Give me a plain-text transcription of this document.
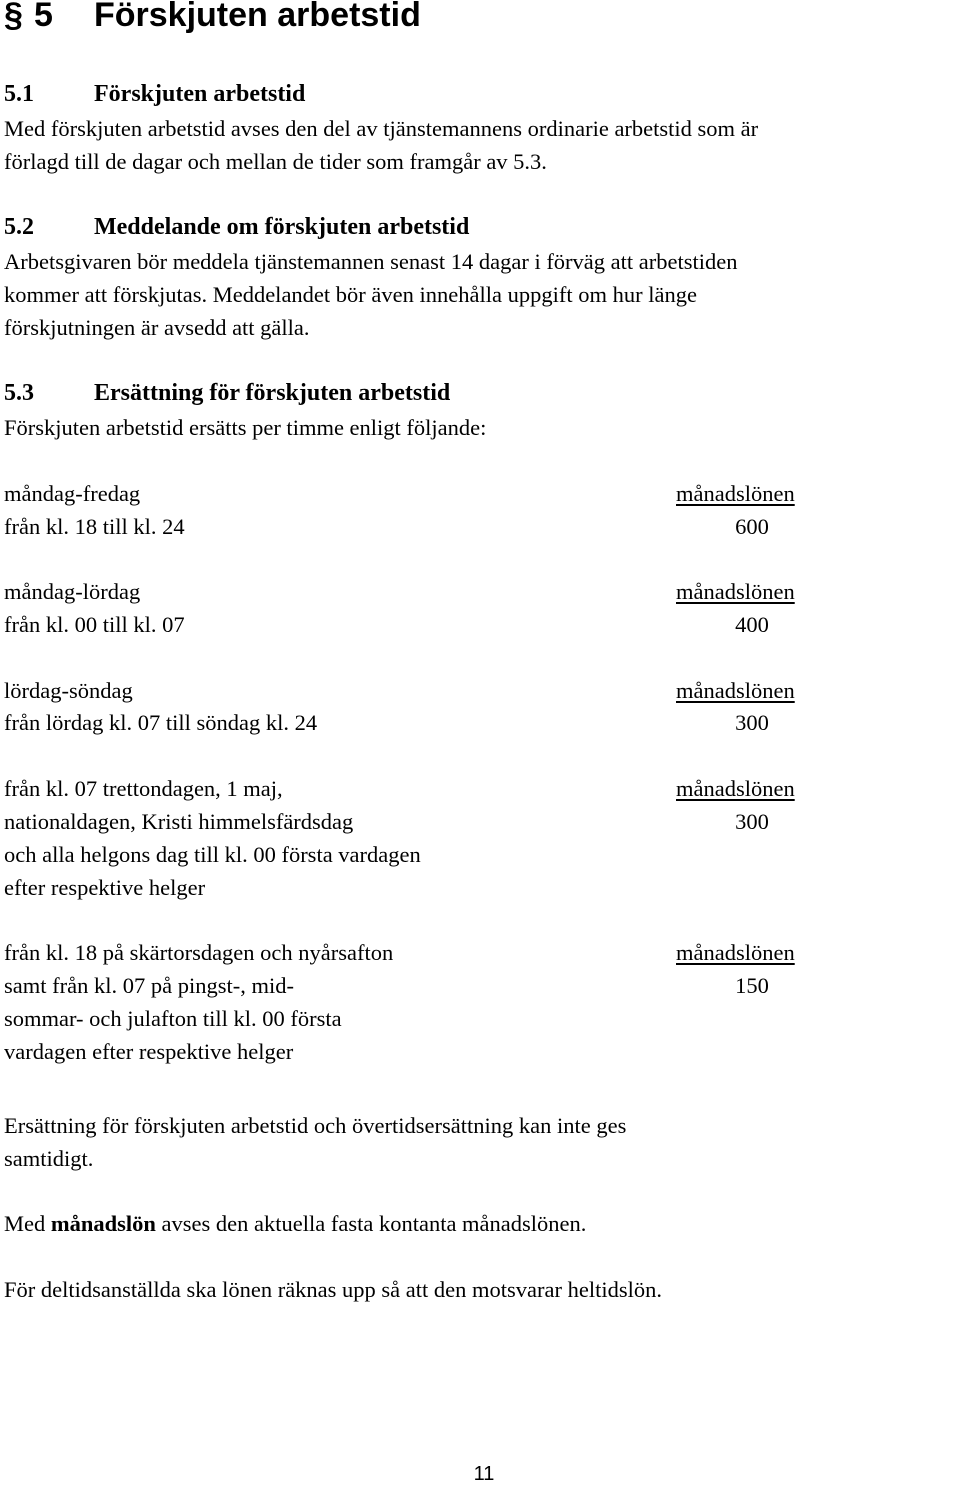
§ 5 Förskjuten arbetstid
5.1	Förskjuten arbetstid
Med förskjuten arbetstid avses den del av tjänstemannens ordinarie arbetstid som är
förlagd till de dagar och mellan de tider som framgår av 5.3.
5.2	Meddelande om förskjuten arbetstid
Arbetsgivaren bör meddela tjänstemannen senast 14 dagar i förväg att arbetstiden
kommer att förskjutas. Meddelandet bör även innehålla uppgift om hur länge
förskjutningen är avsedd att gälla.
5.3	Ersättning för förskjuten arbetstid
Förskjuten arbetstid ersätts per timme enligt följande:
måndag-fredag	månadslönen
från kl. 18 till kl. 24	600
måndag-lördag	månadslönen
från kl. 00 till kl. 07	400
lördag-söndag	månadslönen
från lördag kl. 07 till söndag kl. 24	300
från kl. 07 trettondagen, 1 maj,	månadslönen
nationaldagen, Kristi himmelsfärdsdag	300
och alla helgons dag till kl. 00 första vardagen
efter respektive helger
från kl. 18 på skärtorsdagen och nyårsafton	månadslönen
samt från kl. 07 på pingst-, mid-	150
sommar- och julafton till kl. 00 första
vardagen efter respektive helger
Ersättning för förskjuten arbetstid och övertidsersättning kan inte ges
samtidigt.
Med månadslön avses den aktuella fasta kontanta månadslönen.
För deltidsanställda ska lönen räknas upp så att den motsvarar heltidslön.
11
